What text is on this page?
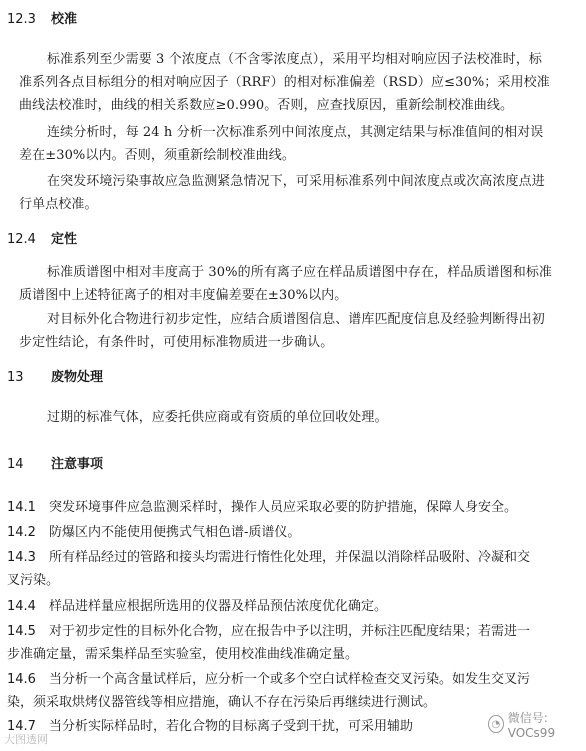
12.3 校准
标准系列至少需要 3 个浓度点（不含零浓度点），采用平均相对响应因子法校准时，标
准系列各点目标组分的相对响应因子（RRF）的相对标准偏差（RSD）应≤30%；采用校准
曲线法校准时，曲线的相关系数应≥0.990。否则，应查找原因，重新绘制校准曲线。
连续分析时，每 24 h 分析一次标准系列中间浓度点，其测定结果与标准值间的相对误
差在±30%以内。否则，须重新绘制校准曲线。
在突发环境污染事故应急监测紧急情况下，可采用标准系列中间浓度点或次高浓度点进
行单点校准。
12.4 定性
标准质谱图中相对丰度高于 30%的所有离子应在样品质谱图中存在，样品质谱图和标准
质谱图中上述特征离子的相对丰度偏差要在±30%以内。
对目标外化合物进行初步定性，应结合质谱图信息、谱库匹配度信息及经验判断得出初
步定性结论，有条件时，可使用标准物质进一步确认。
13 废物处理
过期的标准气体，应委托供应商或有资质的单位回收处理。
14 注意事项
14.1 突发环境事件应急监测采样时，操作人员应采取必要的防护措施，保障人身安全。
14.2 防爆区内不能使用便携式气相色谱-质谱仪。
14.3 所有样品经过的管路和接头均需进行惰性化处理，并保温以消除样品吸附、冷凝和交
叉污染。
14.4 样品进样量应根据所选用的仪器及样品预估浓度优化确定。
14.5 对于初步定性的目标外化合物，应在报告中予以注明，并标注匹配度结果；若需进一
步准确定量，需采集样品至实验室，使用校准曲线准确定量。
14.6 当分析一个高含量试样后，应分析一个或多个空白试样检查交叉污染。如发生交叉污
染，须采取烘烤仪器管线等相应措施，确认不存在污染后再继续进行测试。
14.7 当分析实际样品时，若化合物的目标离子受到干扰，可采用辅助
大图透网
◔ 微信号: VOCs99
